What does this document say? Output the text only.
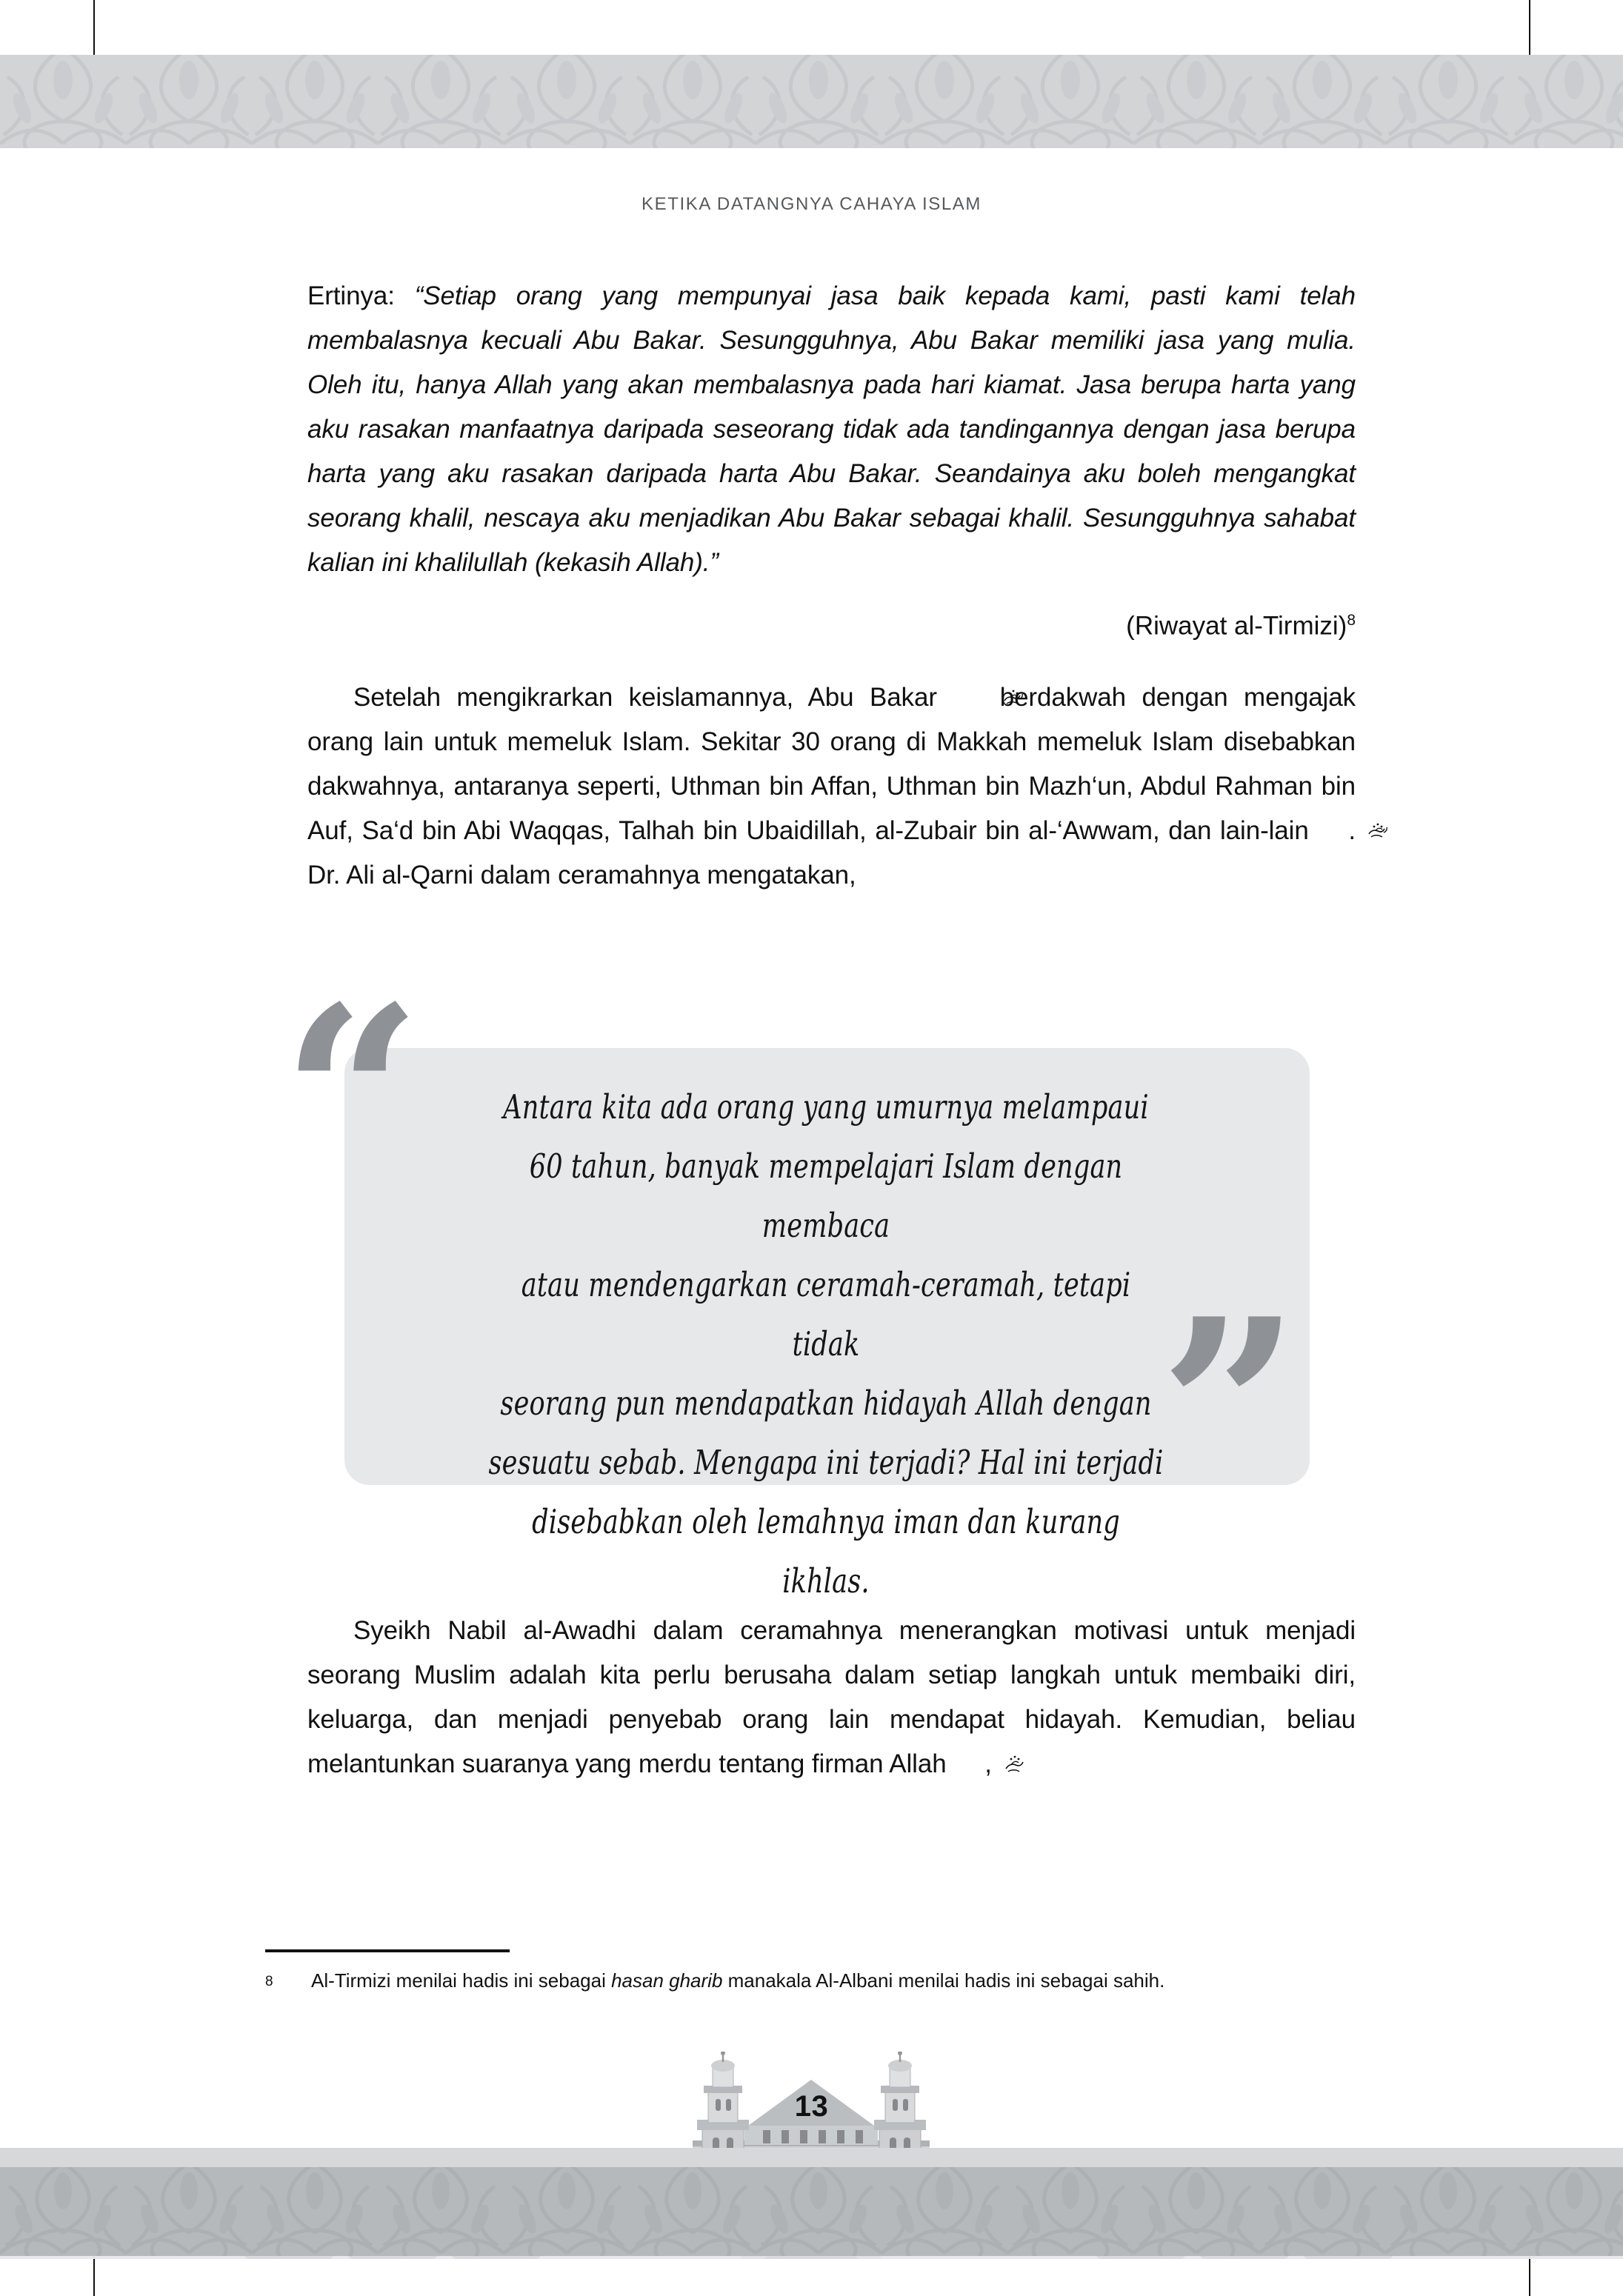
KETIKA DATANGNYA CAHAYA ISLAM

Ertinya: “Setiap orang yang mempunyai jasa baik kepada kami, pasti kami telah membalasnya kecuali Abu Bakar. Sesungguhnya, Abu Bakar memiliki jasa yang mulia. Oleh itu, hanya Allah yang akan membalasnya pada hari kiamat. Jasa berupa harta yang aku rasakan manfaatnya daripada seseorang tidak ada tandingannya dengan jasa berupa harta yang aku rasakan daripada harta Abu Bakar. Seandainya aku boleh mengangkat seorang khalil, nescaya aku menjadikan Abu Bakar sebagai khalil. Sesungguhnya sahabat kalian ini khalilullah (kekasih Allah).”

(Riwayat al-Tirmizi)$^8$

Setelah mengikrarkan keislamannya, Abu Bakar  berdakwah dengan mengajak orang lain untuk memeluk Islam. Sekitar 30 orang di Makkah memeluk Islam disebabkan dakwahnya, antaranya seperti, Uthman bin Affan, Uthman bin Mazh‘un, Abdul Rahman bin Auf, Sa‘d bin Abi Waqqas, Talhah bin Ubaidillah, al-Zubair bin al-‘Awwam, dan lain-lain . Dr. Ali al-Qarni dalam ceramahnya mengatakan,

“
”
Antara kita ada orang yang umurnya melampaui
60 tahun, banyak mempelajari Islam dengan membaca
atau mendengarkan ceramah-ceramah, tetapi tidak
seorang pun mendapatkan hidayah Allah dengan
sesuatu sebab. Mengapa ini terjadi? Hal ini terjadi
disebabkan oleh lemahnya iman dan kurang ikhlas.

Syeikh Nabil al-Awadhi dalam ceramahnya menerangkan motivasi untuk menjadi seorang Muslim adalah kita perlu berusaha dalam setiap langkah untuk membaiki diri, keluarga, dan menjadi penyebab orang lain mendapat hidayah. Kemudian, beliau melantunkan suaranya yang merdu tentang firman Allah ,

8 Al-Tirmizi menilai hadis ini sebagai hasan gharib manakala Al-Albani menilai hadis ini sebagai sahih.
13
